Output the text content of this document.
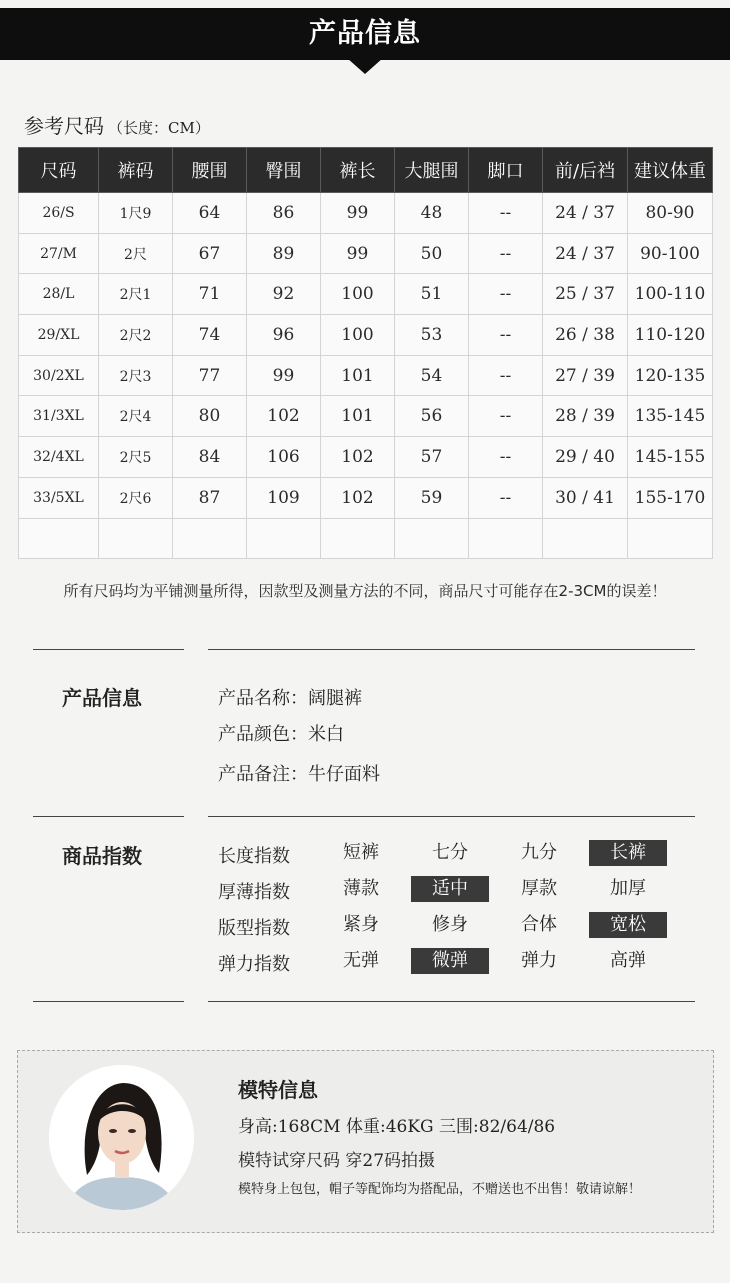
产品信息
参考尺码 （长度：CM）
尺码	裤码	腰围	臀围	裤长	大腿围	脚口	前/后裆	建议体重
26/S	1尺9	64	86	99	48	--	24 / 37	80-90
27/M	2尺	67	89	99	50	--	24 / 37	90-100
28/L	2尺1	71	92	100	51	--	25 / 37	100-110
29/XL	2尺2	74	96	100	53	--	26 / 38	110-120
30/2XL	2尺3	77	99	101	54	--	27 / 39	120-135
31/3XL	2尺4	80	102	101	56	--	28 / 39	135-145
32/4XL	2尺5	84	106	102	57	--	29 / 40	145-155
33/5XL	2尺6	87	109	102	59	--	30 / 41	155-170

所有尺码均为平铺测量所得，因款型及测量方法的不同，商品尺寸可能存在2-3CM的误差！
产品信息	产品名称：阔腿裤
产品颜色：米白
产品备注：牛仔面料
商品指数	长度指数	短裤	七分	九分	长裤
厚薄指数	薄款	适中	厚款	加厚
版型指数	紧身	修身	合体	宽松
弹力指数	无弹	微弹	弹力	高弹
模特信息
身高:168CM 体重:46KG 三围:82/64/86
模特试穿尺码 穿27码拍摄
模特身上包包，帽子等配饰均为搭配品，不赠送也不出售！敬请谅解！
